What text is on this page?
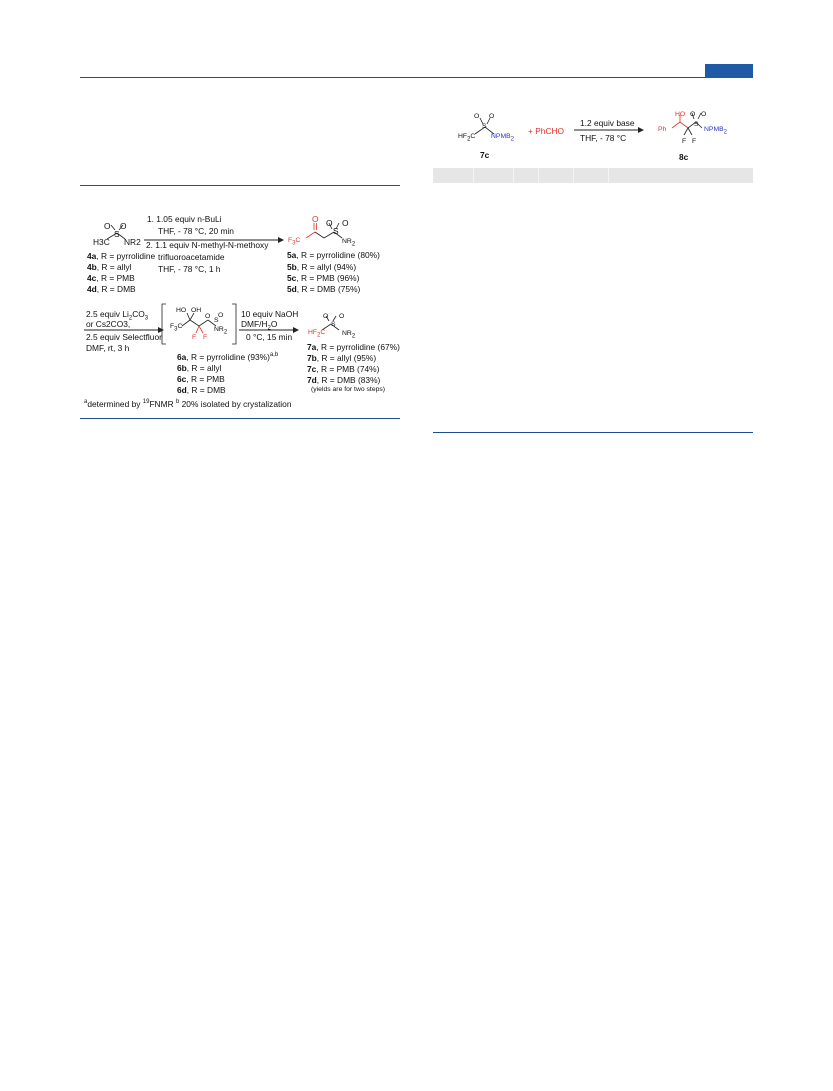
O O
S
H3C NR2
4a, R = pyrrolidine
4b, R = allyl
4c, R = PMB
4d, R = DMB
1. 1.05 equiv n-BuLi
THF, - 78 °C, 20 min
2. 1.1 equiv N-methyl-N-methoxy
trifluoroacetamide
THF, - 78 °C, 1 h
O O O
S
$F_3C$	$NR_2$
5a, R = pyrrolidine (80%)
5b, R = allyl (94%)
5c, R = PMB (96%)
5d, R = DMB (75%)
2.5 equiv $Li_2CO_3$
or Cs2CO3,
2.5 equiv Selectfluor
DMF, rt, 3 h
HO OH
O
S
O
$F_3C$
F F
$NR_2$
6a, R = pyrrolidine $(93\%)^{a,b}$
6b, R = allyl
6c, R = PMB
6d, R = DMB
10 equiv NaOH
DMF/$H_2O$
0 °C, 15 min
O O
S
$HF_2C$ $NR_2$
7a, R = pyrrolidine (67%)
7b, R = allyl (95%)
7c, R = PMB (74%)
7d, R = DMB (83%)
(yields are for two steps)
$^a$determined by $^{19}$FNMR $^b$ 20% isolated by crystalization
O O
S
$HF_2C$ $NPMB_2$
7c
+ PhCHO
1.2 equiv base
THF, - 78 °C
HO O O
S
Ph
F F
$NPMB_2$
8c
